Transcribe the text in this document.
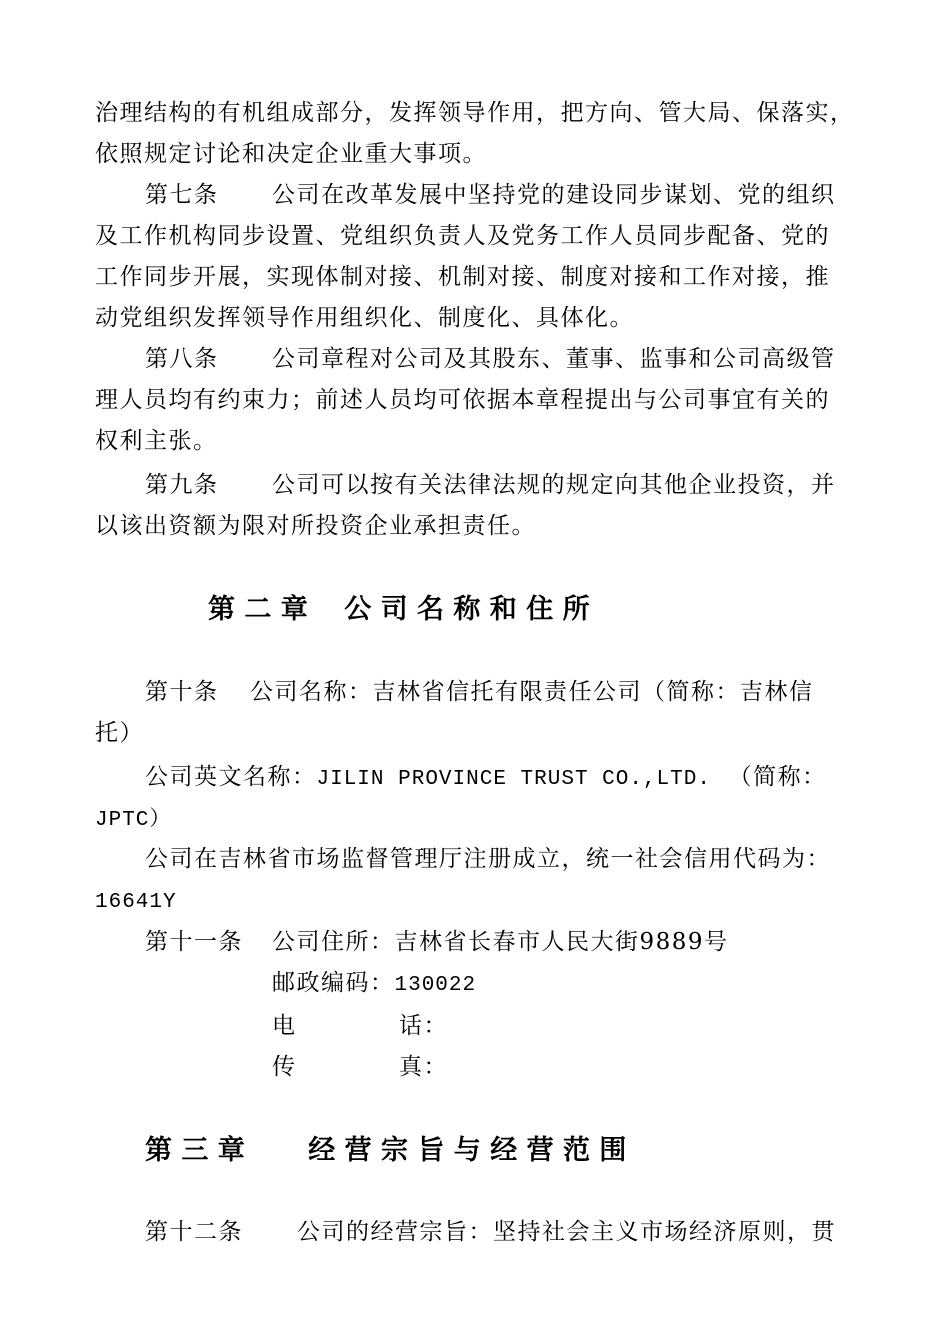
治理结构的有机组成部分，发挥领导作用，把方向、管大局、保落实，
依照规定讨论和决定企业重大事项。
第七条 公司在改革发展中坚持党的建设同步谋划、党的组织
及工作机构同步设置、党组织负责人及党务工作人员同步配备、党的
工作同步开展，实现体制对接、机制对接、制度对接和工作对接，推
动党组织发挥领导作用组织化、制度化、具体化。
第八条 公司章程对公司及其股东、董事、监事和公司高级管
理人员均有约束力；前述人员均可依据本章程提出与公司事宜有关的
权利主张。
第九条 公司可以按有关法律法规的规定向其他企业投资，并
以该出资额为限对所投资企业承担责任。
第 二 章　 公 司 名 称 和 住 所
第十条 公司名称：吉林省信托有限责任公司（简称：吉林信
托）
公司英文名称：JILIN PROVINCE TRUST CO.,LTD. （简称：
JPTC）
公司在吉林省市场监督管理厅注册成立，统一社会信用代码为：
16641Y
第十一条 公司住所：吉林省长春市人民大街9889号
邮政编码：130022
电	话：
传	真：
第 三 章　　 经 营 宗 旨 与 经 营 范 围
第十二条 公司的经营宗旨：坚持社会主义市场经济原则，贯
